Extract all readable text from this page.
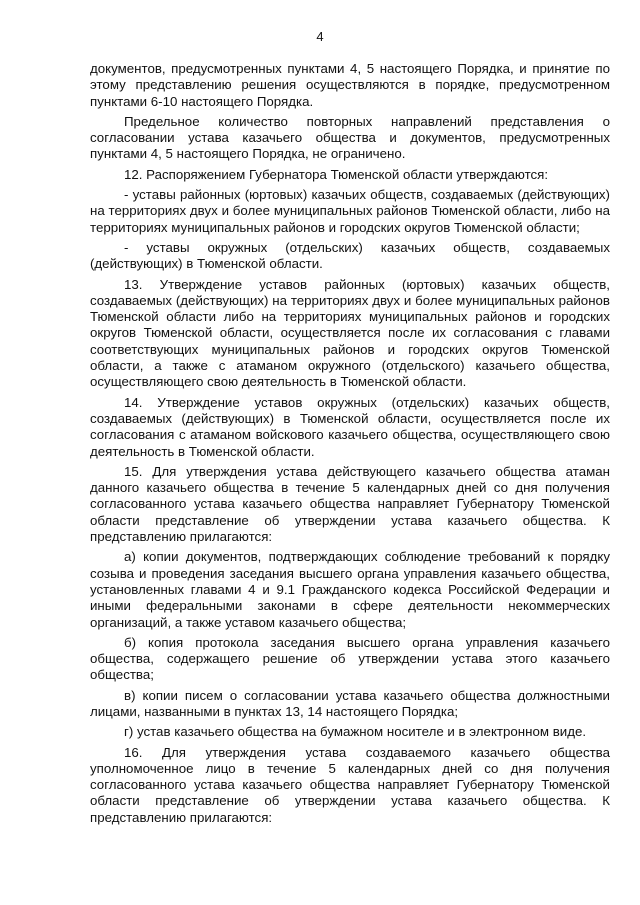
4

документов, предусмотренных пунктами 4, 5 настоящего Порядка, и принятие по этому представлению решения осуществляются в порядке, предусмотренном пунктами 6-10 настоящего Порядка.

Предельное количество повторных направлений представления о согласовании устава казачьего общества и документов, предусмотренных пунктами 4, 5 настоящего Порядка, не ограничено.

12. Распоряжением Губернатора Тюменской области утверждаются:

- уставы районных (юртовых) казачьих обществ, создаваемых (действующих) на территориях двух и более муниципальных районов Тюменской области, либо на территориях муниципальных районов и городских округов Тюменской области;

- уставы окружных (отдельских) казачьих обществ, создаваемых (действующих) в Тюменской области.

13. Утверждение уставов районных (юртовых) казачьих обществ, создаваемых (действующих) на территориях двух и более муниципальных районов Тюменской области либо на территориях муниципальных районов и городских округов Тюменской области, осуществляется после их согласования с главами соответствующих муниципальных районов и городских округов Тюменской области, а также с атаманом окружного (отдельского) казачьего общества, осуществляющего свою деятельность в Тюменской области.

14. Утверждение уставов окружных (отдельских) казачьих обществ, создаваемых (действующих) в Тюменской области, осуществляется после их согласования с атаманом войскового казачьего общества, осуществляющего свою деятельность в Тюменской области.

15. Для утверждения устава действующего казачьего общества атаман данного казачьего общества в течение 5 календарных дней со дня получения согласованного устава казачьего общества направляет Губернатору Тюменской области представление об утверждении устава казачьего общества. К представлению прилагаются:

а) копии документов, подтверждающих соблюдение требований к порядку созыва и проведения заседания высшего органа управления казачьего общества, установленных главами 4 и 9.1 Гражданского кодекса Российской Федерации и иными федеральными законами в сфере деятельности некоммерческих организаций, а также уставом казачьего общества;

б) копия протокола заседания высшего органа управления казачьего общества, содержащего решение об утверждении устава этого казачьего общества;

в) копии писем о согласовании устава казачьего общества должностными лицами, названными в пунктах 13, 14 настоящего Порядка;

г) устав казачьего общества на бумажном носителе и в электронном виде.

16. Для утверждения устава создаваемого казачьего общества уполномоченное лицо в течение 5 календарных дней со дня получения согласованного устава казачьего общества направляет Губернатору Тюменской области представление об утверждении устава казачьего общества. К представлению прилагаются:
